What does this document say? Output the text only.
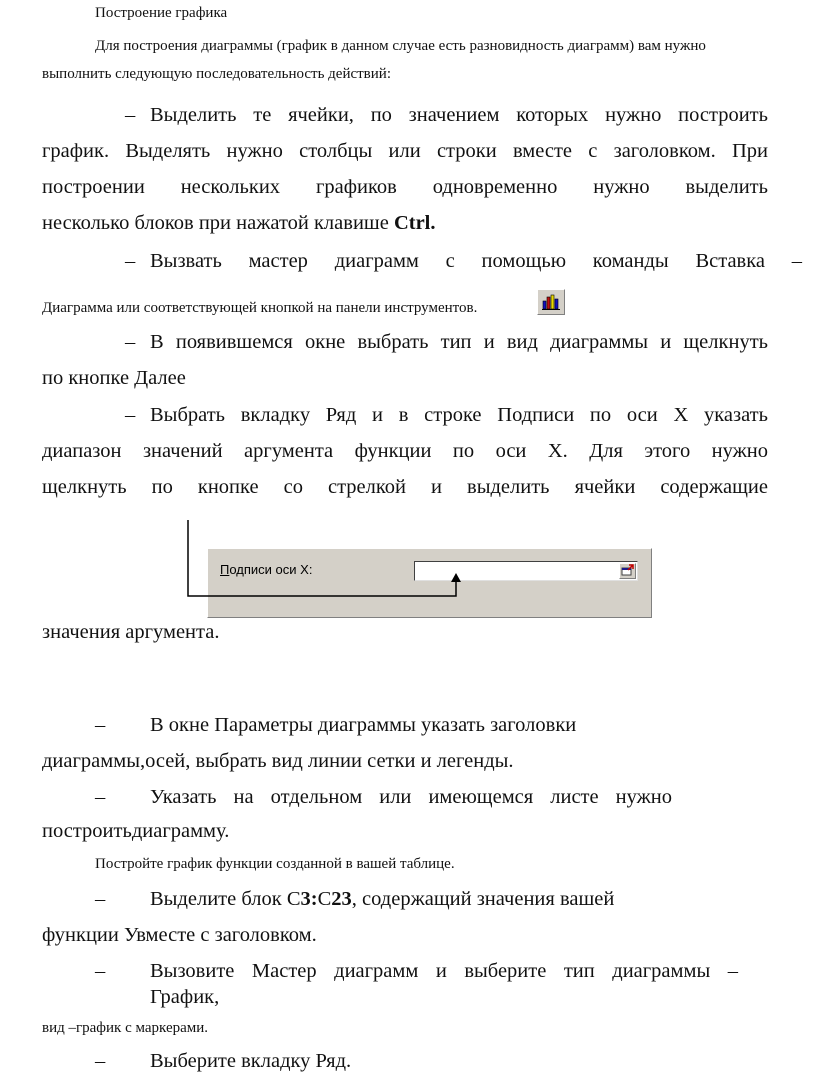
Построение графика
Для построения диаграммы (график в данном случае есть разновидность диаграмм) вам нужно
выполнить следующую последовательность действий:
– Выделить те ячейки, по значением которых нужно построить
график. Выделять нужно столбцы или строки вместе с заголовком. При
построении нескольких графиков одновременно нужно выделить
несколько блоков при нажатой клавише Ctrl.
– Вызвать мастер диаграмм с помощью команды Вставка –
Диаграмма или соответствующей кнопкой на панели инструментов.
– В появившемся окне выбрать тип и вид диаграммы и щелкнуть
по кнопке Далее
– Выбрать вкладку Ряд и в строке Подписи по оси Х указать
диапазон значений аргумента функции по оси Х. Для этого нужно
щелкнуть по кнопке со стрелкой и выделить ячейки содержащие
Подписи оси Х:
значения аргумента.
– В окне Параметры диаграммы указать заголовки
диаграммы,осей, выбрать вид линии сетки и легенды.
– Указать на отдельном или имеющемся листе нужно
построитьдиаграмму.
Постройте график функции созданной в вашей таблице.
– Выделите блок С3:С23, содержащий значения вашей
функции Увместе с заголовком.
– Вызовите Мастер диаграмм и выберите тип диаграммы –
График,
вид –график с маркерами.
– Выберите вкладку Ряд.
